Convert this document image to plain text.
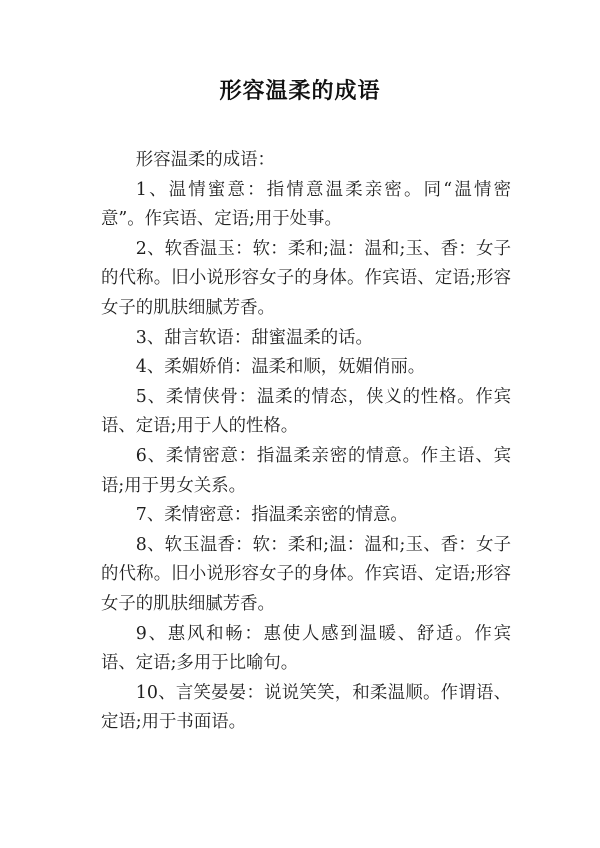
形容温柔的成语

形容温柔的成语：

1、温情蜜意：指情意温柔亲密。同“温情密意”。作宾语、定语;用于处事。

2、软香温玉：软：柔和;温：温和;玉、香：女子的代称。旧小说形容女子的身体。作宾语、定语;形容女子的肌肤细腻芳香。

3、甜言软语：甜蜜温柔的话。

4、柔媚娇俏：温柔和顺，妩媚俏丽。

5、柔情侠骨：温柔的情态，侠义的性格。作宾语、定语;用于人的性格。

6、柔情密意：指温柔亲密的情意。作主语、宾语;用于男女关系。

7、柔情密意：指温柔亲密的情意。

8、软玉温香：软：柔和;温：温和;玉、香：女子的代称。旧小说形容女子的身体。作宾语、定语;形容女子的肌肤细腻芳香。

9、惠风和畅：惠使人感到温暖、舒适。作宾语、定语;多用于比喻句。

10、言笑晏晏：说说笑笑，和柔温顺。作谓语、定语;用于书面语。
